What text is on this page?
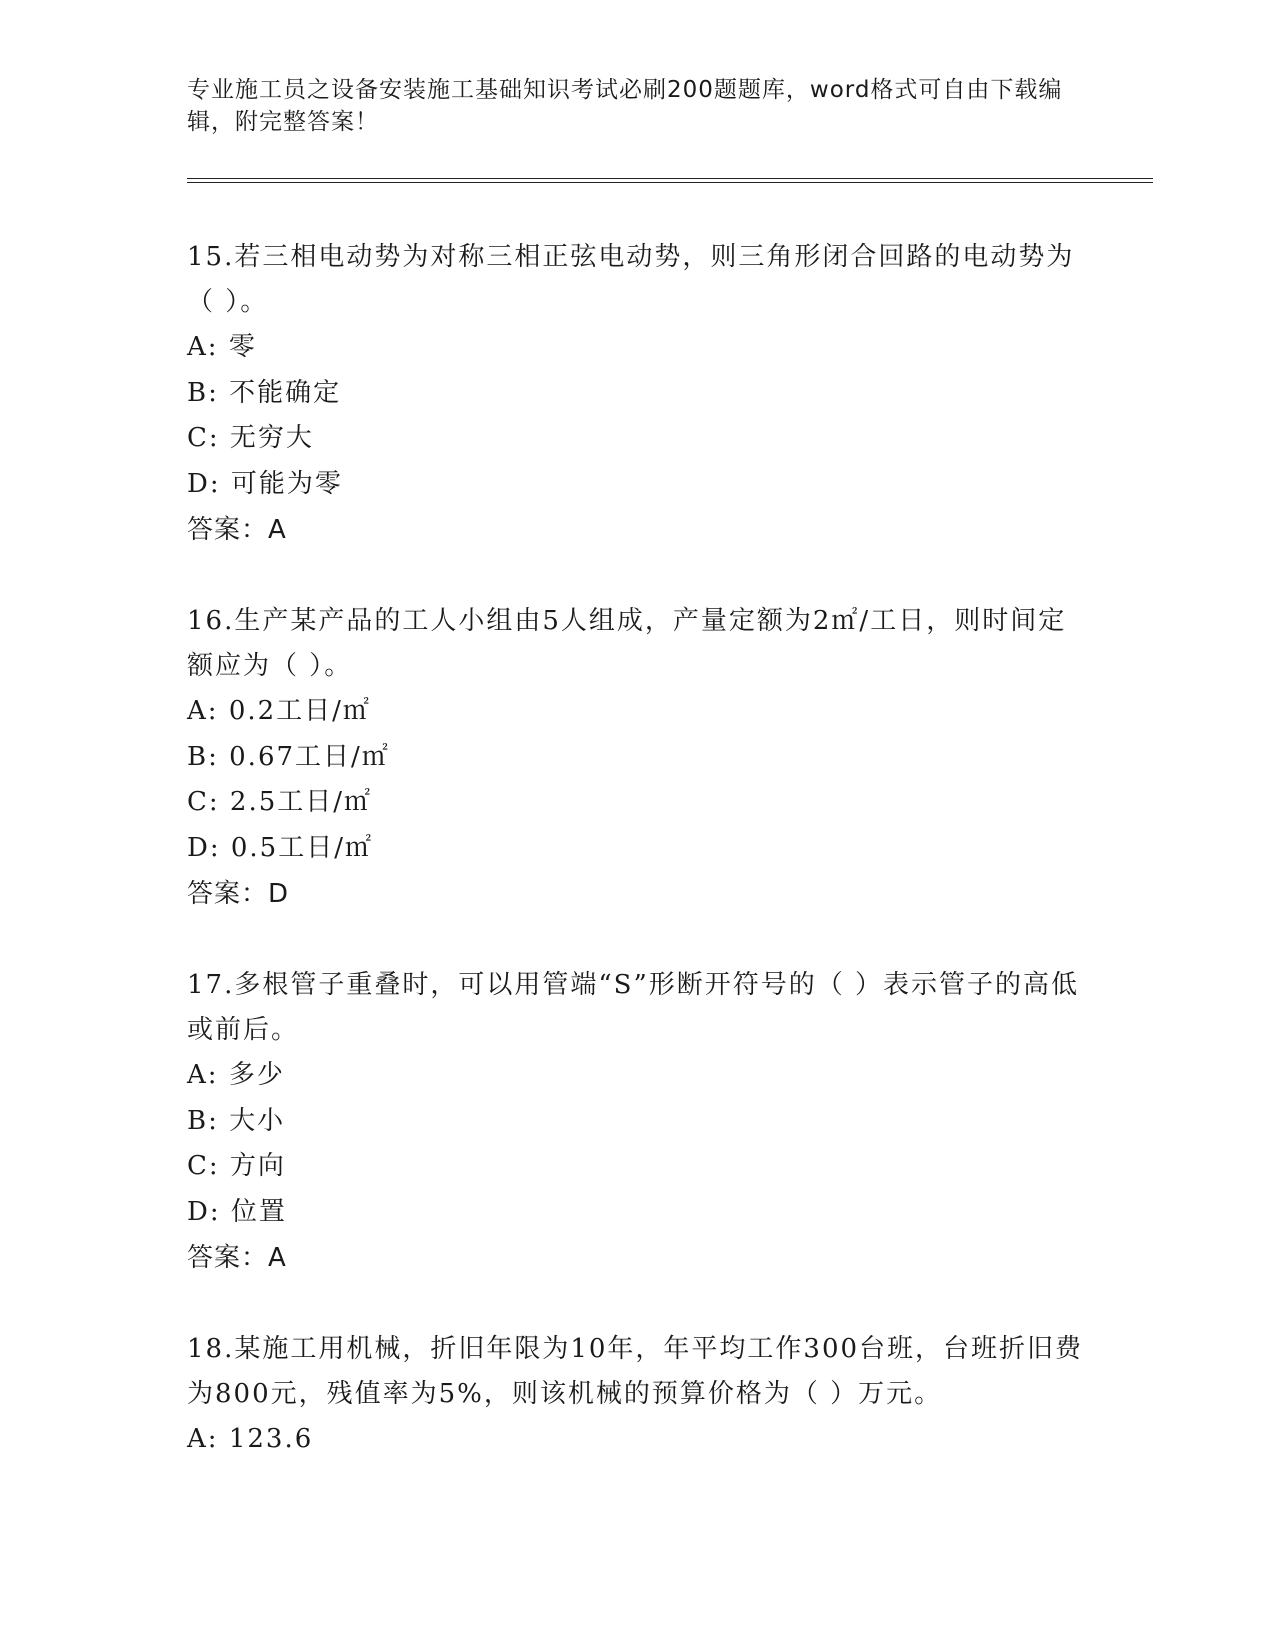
专业施工员之设备安装施工基础知识考试必刷200题题库，word格式可自由下载编辑，附完整答案！

15.若三相电动势为对称三相正弦电动势，则三角形闭合回路的电动势为（ ）。

A: 零
B: 不能确定
C: 无穷大
D: 可能为零
答案：A

16.生产某产品的工人小组由5人组成，产量定额为2㎡/工日，则时间定额应为（ ）。

A: 0.2工日/㎡
B: 0.67工日/㎡
C: 2.5工日/㎡
D: 0.5工日/㎡
答案：D

17.多根管子重叠时，可以用管端“S”形断开符号的（ ）表示管子的高低或前后。

A: 多少
B: 大小
C: 方向
D: 位置
答案：A

18.某施工用机械，折旧年限为10年，年平均工作300台班，台班折旧费为800元，残值率为5%，则该机械的预算价格为（ ）万元。

A: 123.6
